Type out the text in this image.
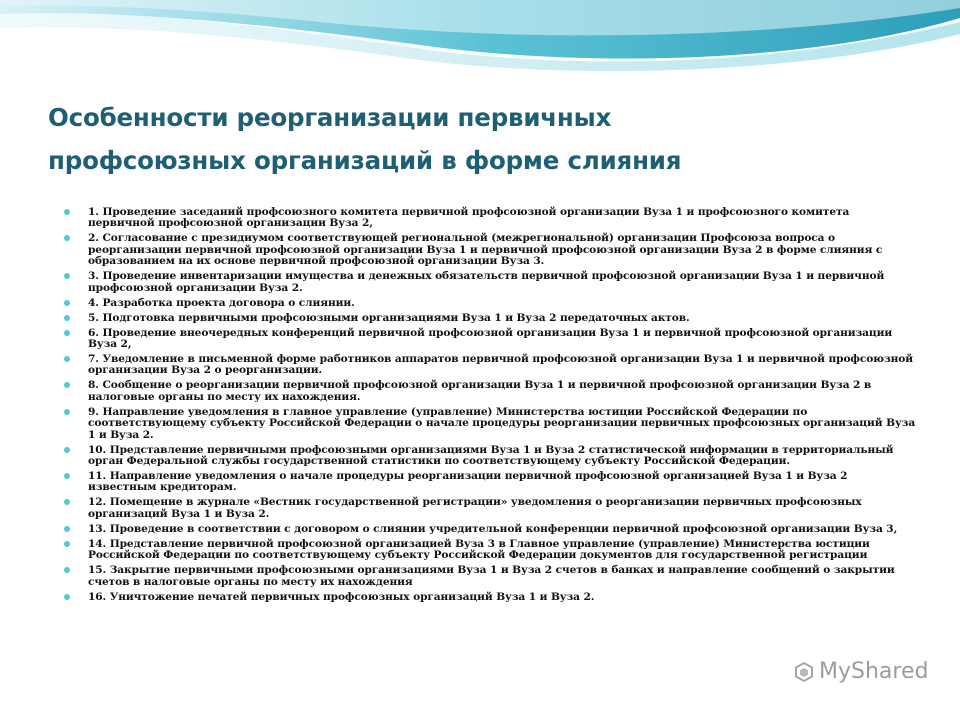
Особенности реорганизации первичных
профсоюзных организаций в форме слияния
1. Проведение заседаний профсоюзного комитета первичной профсоюзной организации Вуза 1 и профсоюзного комитета первичной профсоюзной организации Вуза 2,
2. Согласование с президиумом соответствующей региональной (межрегиональной) организации Профсоюза вопроса о реорганизации первичной профсоюзной организации Вуза 1 и первичной профсоюзной организации Вуза 2 в форме слияния с образованием на их основе первичной профсоюзной организации Вуза 3.
3. Проведение инвентаризации имущества и денежных обязательств первичной профсоюзной организации Вуза 1 и первичной профсоюзной организации Вуза 2.
4. Разработка проекта договора о слиянии.
5. Подготовка первичными профсоюзными организациями Вуза 1 и Вуза 2 передаточных актов.
6. Проведение внеочередных конференций первичной профсоюзной организации Вуза 1 и первичной профсоюзной организации Вуза 2,
7. Уведомление в письменной форме работников аппаратов первичной профсоюзной организации Вуза 1 и первичной профсоюзной организации Вуза 2 о реорганизации.
8. Сообщение о реорганизации первичной профсоюзной организации Вуза 1 и первичной профсоюзной организации Вуза 2 в налоговые органы по месту их нахождения.
9. Направление уведомления в главное управление (управление) Министерства юстиции Российской Федерации по соответствующему субъекту Российской Федерации о начале процедуры реорганизации первичных профсоюзных организаций Вуза 1 и Вуза 2.
10. Представление первичными профсоюзными организациями Вуза 1 и Вуза 2 статистической информации в территориальный орган Федеральной службы государственной статистики по соответствующему субъекту Российской Федерации.
11. Направление уведомления о начале процедуры реорганизации первичной профсоюзной организацией Вуза 1 и Вуза 2 известным кредиторам.
12. Помещение в журнале «Вестник государственной регистрации» уведомления о реорганизации первичных профсоюзных организаций Вуза 1 и Вуза 2.
13. Проведение в соответствии с договором о слиянии учредительной конференции первичной профсоюзной организации Вуза 3,
14. Представление первичной профсоюзной организацией Вуза 3 в Главное управление (управление) Министерства юстиции Российской Федерации по соответствующему субъекту Российской Федерации документов для государственной регистрации
15. Закрытие первичными профсоюзными организациями Вуза 1 и Вуза 2 счетов в банках и направление сообщений о закрытии счетов в налоговые органы по месту их нахождения
16. Уничтожение печатей первичных профсоюзных организаций Вуза 1 и Вуза 2.
MyShared
